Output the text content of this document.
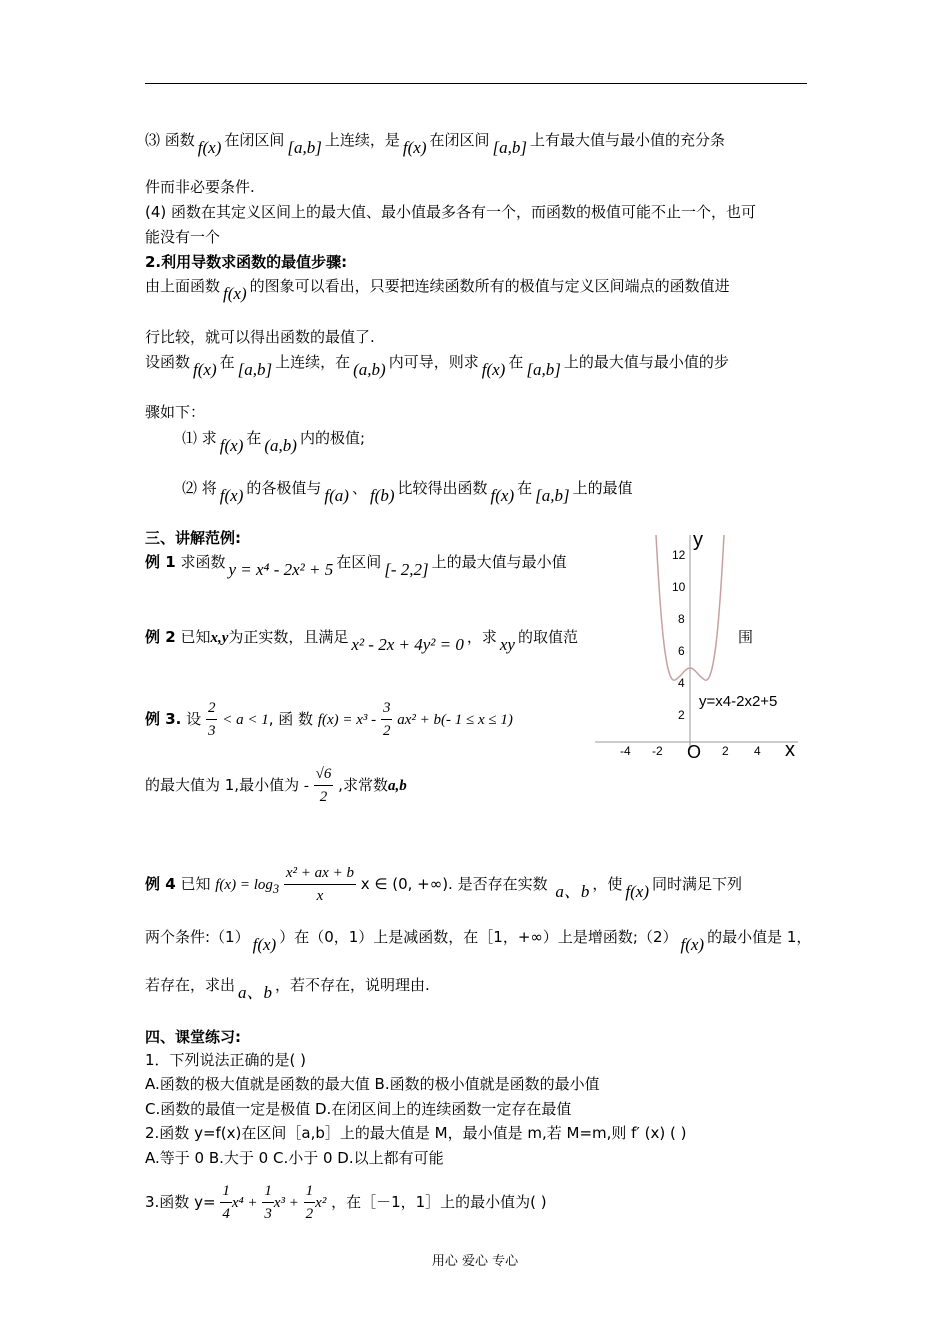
⑶ 函数 f(x) 在闭区间 [a,b] 上连续，是 f(x) 在闭区间 [a,b] 上有最大值与最小值的充分条
件而非必要条件.
(4) 函数在其定义区间上的最大值、最小值最多各有一个，而函数的极值可能不止一个，也可
能没有一个
2.利用导数求函数的最值步骤:
由上面函数 f(x) 的图象可以看出，只要把连续函数所有的极值与定义区间端点的函数值进
行比较，就可以得出函数的最值了.
设函数 f(x) 在 [a,b] 上连续，在 (a,b) 内可导，则求 f(x) 在 [a,b] 上的最大值与最小值的步
骤如下：
⑴ 求 f(x) 在 (a,b) 内的极值;
⑵ 将 f(x) 的各极值与 f(a) 、 f(b) 比较得出函数 f(x) 在 [a,b] 上的最值
三、讲解范例:
例 1 求函数 y = x⁴ - 2x² + 5 在区间 [- 2,2] 上的最大值与最小值
例 2 已知x,y为正实数，且满足 x² - 2x + 4y² = 0 ，求 xy 的取值范	围
例 3. 设 $\frac{2}{3} < a < 1$, 函 数 $f(x) = x^3 - \frac{3}{2} ax^2 + b(-$ 1 ≤ x ≤ 1)
的最大值为 1,最小值为 - $\frac{√6}{2}$ ,求常数a,b
例 4 已知 $f(x) = \log_3 \frac{\text{x² + ax + b}}{x}$ x ∈ (0, +∞). 是否存在实数 a、b ，使 f(x) 同时满足下列
两个条件:（1） f(x) ）在（0，1）上是减函数，在［1，+∞）上是增函数;（2） f(x) 的最小值是 1，
若存在，求出 a、b ，若不存在，说明理由.
四、课堂练习:
1．下列说法正确的是( )
A.函数的极大值就是函数的最大值 B.函数的极小值就是函数的最小值
C.函数的最值一定是极值 D.在闭区间上的连续函数一定存在最值
2.函数 y=f(x)在区间［a,b］上的最大值是 M，最小值是 m,若 M=m,则 f′ (x) ( )
A.等于 0 B.大于 0 C.小于 0 D.以上都有可能
3.函数 $y= \frac{1}{4} x^4 + \frac{1}{3} x^3 + \frac{1}{2} x^2$ ，在［－1，1］上的最小值为( )
y
x
O
12
10
8
6
4
2
-4 -2	2 4
y=x4-2x2+5
用心 爱心 专心
